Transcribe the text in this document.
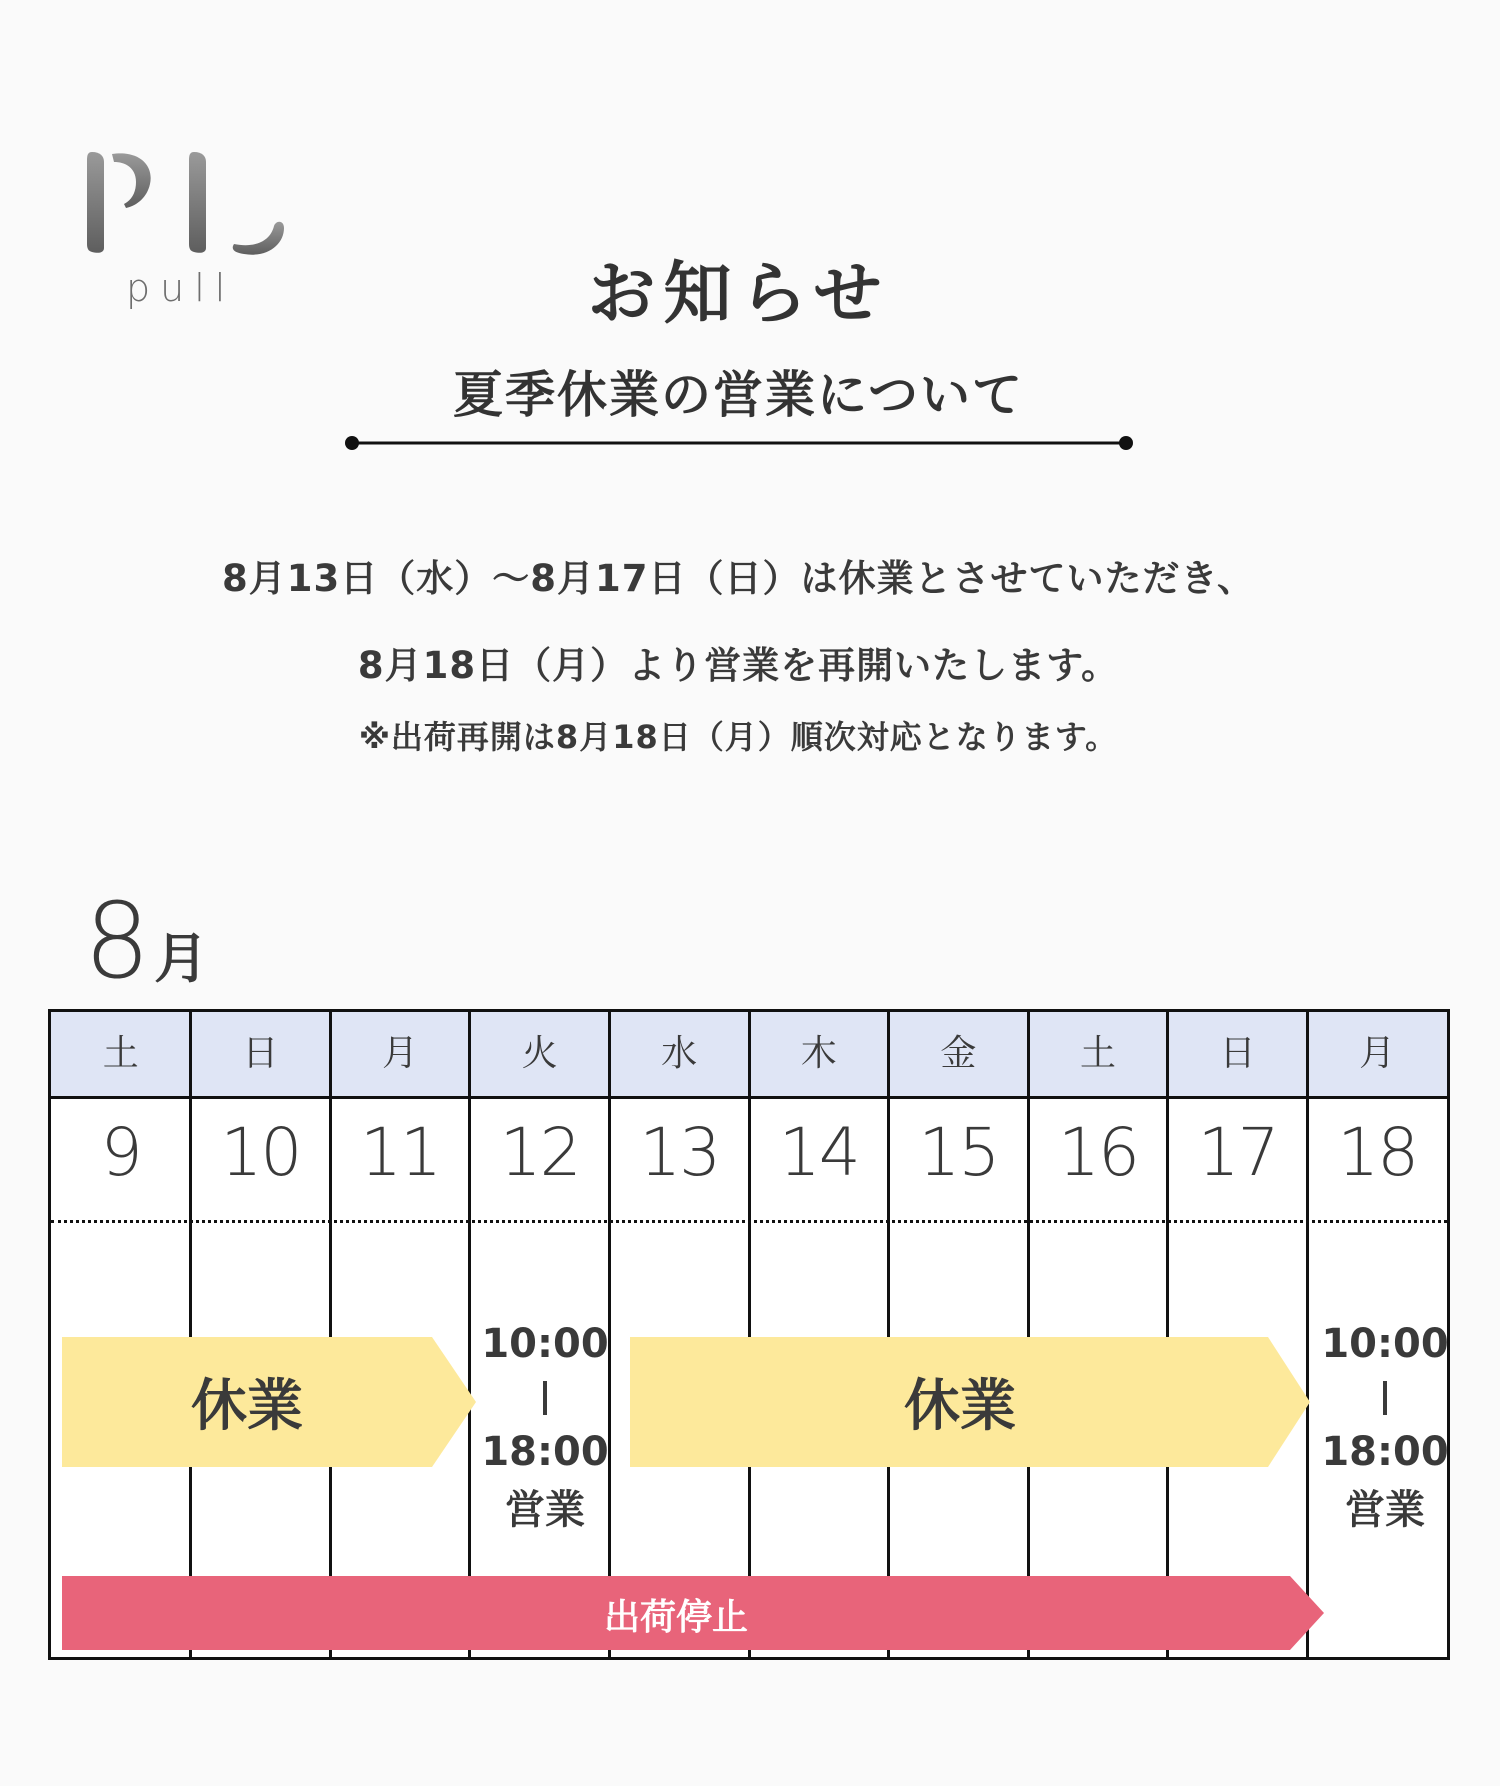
pull	お知らせ
夏季休業の営業について
8月13日（水）〜8月17日（日）は休業とさせていただき、
8月18日（月）より営業を再開いたします。
※出荷再開は8月18日（月）順次対応となります。
8月
土
9
日
10
月
11
火
12
水
13
木
14
金
15
土
16
日
17
月
18
休業	休業
10:00
18:00
営業
10:00
18:00
営業
出荷停止
